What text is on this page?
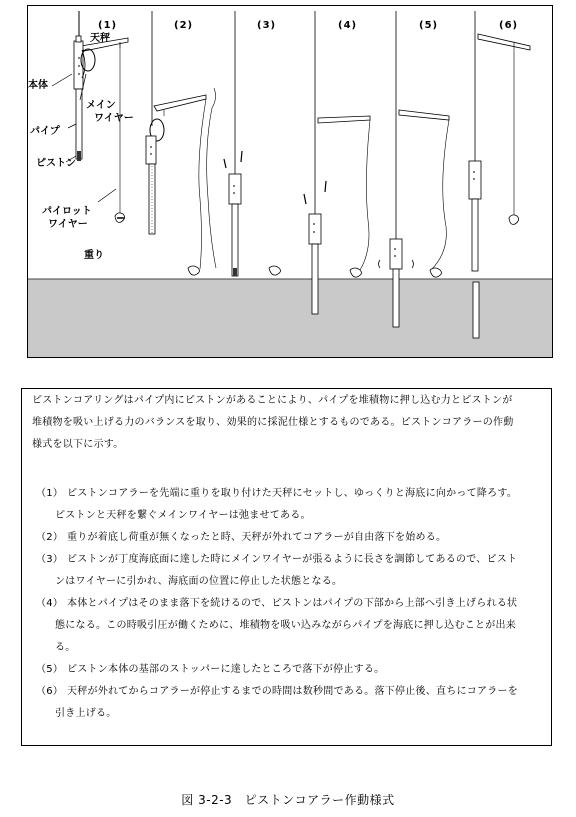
(1)	(2)	(3)	(4)	(5)	(6)
天秤
本体
メイン
ワイヤー
パイプ
ピストン
パイロット
ワイヤー
重り
ピストンコアリングはパイプ内にピストンがあることにより、パイプを堆積物に押し込む力とピストンが
堆積物を吸い上げる力のバランスを取り、効果的に採泥仕様とするものである。ピストンコアラーの作動
様式を以下に示す。
（1） ピストンコアラーを先端に重りを取り付けた天秤にセットし、ゆっくりと海底に向かって降ろす。
ピストンと天秤を繋ぐメインワイヤーは弛ませてある。
（2） 重りが着底し荷重が無くなったと時、天秤が外れてコアラーが自由落下を始める。
（3） ピストンが丁度海底面に達した時にメインワイヤーが張るように長さを調節してあるので、ピスト
ンはワイヤーに引かれ、海底面の位置に停止した状態となる。
（4） 本体とパイプはそのまま落下を続けるので、ピストンはパイプの下部から上部へ引き上げられる状
態になる。この時吸引圧が働くために、堆積物を吸い込みながらパイプを海底に押し込むことが出来
る。
（5） ピストン本体の基部のストッパーに達したところで落下が停止する。
（6） 天秤が外れてからコアラーが停止するまでの時間は数秒間である。落下停止後、直ちにコアラーを
引き上げる。
図 3-2-3　ピストンコアラー作動様式
